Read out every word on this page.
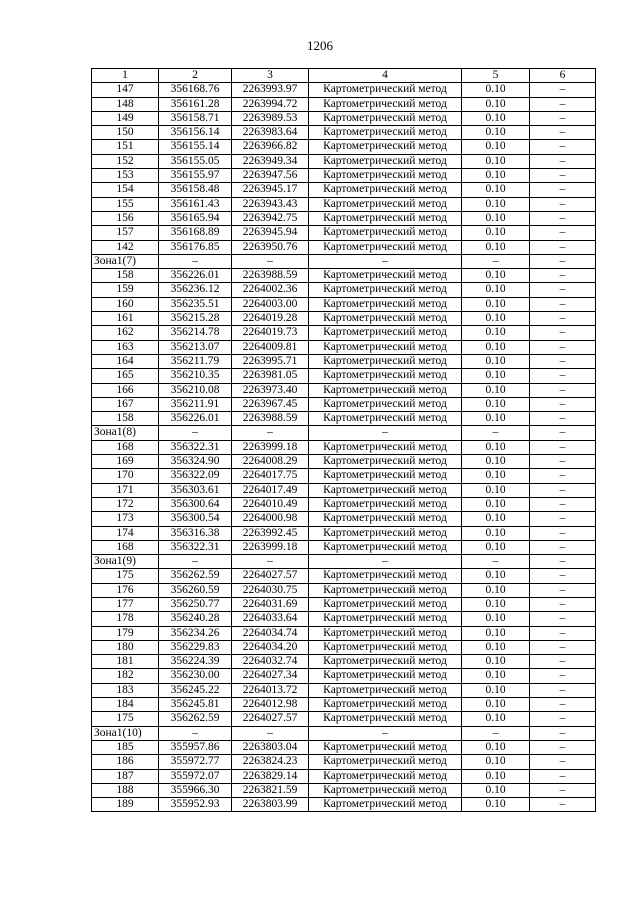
1206
1	2	3	4	5	6
147	356168.76	2263993.97	Картометрический метод	0.10	–
148	356161.28	2263994.72	Картометрический метод	0.10	–
149	356158.71	2263989.53	Картометрический метод	0.10	–
150	356156.14	2263983.64	Картометрический метод	0.10	–
151	356155.14	2263966.82	Картометрический метод	0.10	–
152	356155.05	2263949.34	Картометрический метод	0.10	–
153	356155.97	2263947.56	Картометрический метод	0.10	–
154	356158.48	2263945.17	Картометрический метод	0.10	–
155	356161.43	2263943.43	Картометрический метод	0.10	–
156	356165.94	2263942.75	Картометрический метод	0.10	–
157	356168.89	2263945.94	Картометрический метод	0.10	–
142	356176.85	2263950.76	Картометрический метод	0.10	–
Зона1(7)	–	–	–	–	–
158	356226.01	2263988.59	Картометрический метод	0.10	–
159	356236.12	2264002.36	Картометрический метод	0.10	–
160	356235.51	2264003.00	Картометрический метод	0.10	–
161	356215.28	2264019.28	Картометрический метод	0.10	–
162	356214.78	2264019.73	Картометрический метод	0.10	–
163	356213.07	2264009.81	Картометрический метод	0.10	–
164	356211.79	2263995.71	Картометрический метод	0.10	–
165	356210.35	2263981.05	Картометрический метод	0.10	–
166	356210.08	2263973.40	Картометрический метод	0.10	–
167	356211.91	2263967.45	Картометрический метод	0.10	–
158	356226.01	2263988.59	Картометрический метод	0.10	–
Зона1(8)	–	–	–	–	–
168	356322.31	2263999.18	Картометрический метод	0.10	–
169	356324.90	2264008.29	Картометрический метод	0.10	–
170	356322.09	2264017.75	Картометрический метод	0.10	–
171	356303.61	2264017.49	Картометрический метод	0.10	–
172	356300.64	2264010.49	Картометрический метод	0.10	–
173	356300.54	2264000.98	Картометрический метод	0.10	–
174	356316.38	2263992.45	Картометрический метод	0.10	–
168	356322.31	2263999.18	Картометрический метод	0.10	–
Зона1(9)	–	–	–	–	–
175	356262.59	2264027.57	Картометрический метод	0.10	–
176	356260.59	2264030.75	Картометрический метод	0.10	–
177	356250.77	2264031.69	Картометрический метод	0.10	–
178	356240.28	2264033.64	Картометрический метод	0.10	–
179	356234.26	2264034.74	Картометрический метод	0.10	–
180	356229.83	2264034.20	Картометрический метод	0.10	–
181	356224.39	2264032.74	Картометрический метод	0.10	–
182	356230.00	2264027.34	Картометрический метод	0.10	–
183	356245.22	2264013.72	Картометрический метод	0.10	–
184	356245.81	2264012.98	Картометрический метод	0.10	–
175	356262.59	2264027.57	Картометрический метод	0.10	–
Зона1(10)	–	–	–	–	–
185	355957.86	2263803.04	Картометрический метод	0.10	–
186	355972.77	2263824.23	Картометрический метод	0.10	–
187	355972.07	2263829.14	Картометрический метод	0.10	–
188	355966.30	2263821.59	Картометрический метод	0.10	–
189	355952.93	2263803.99	Картометрический метод	0.10	–
